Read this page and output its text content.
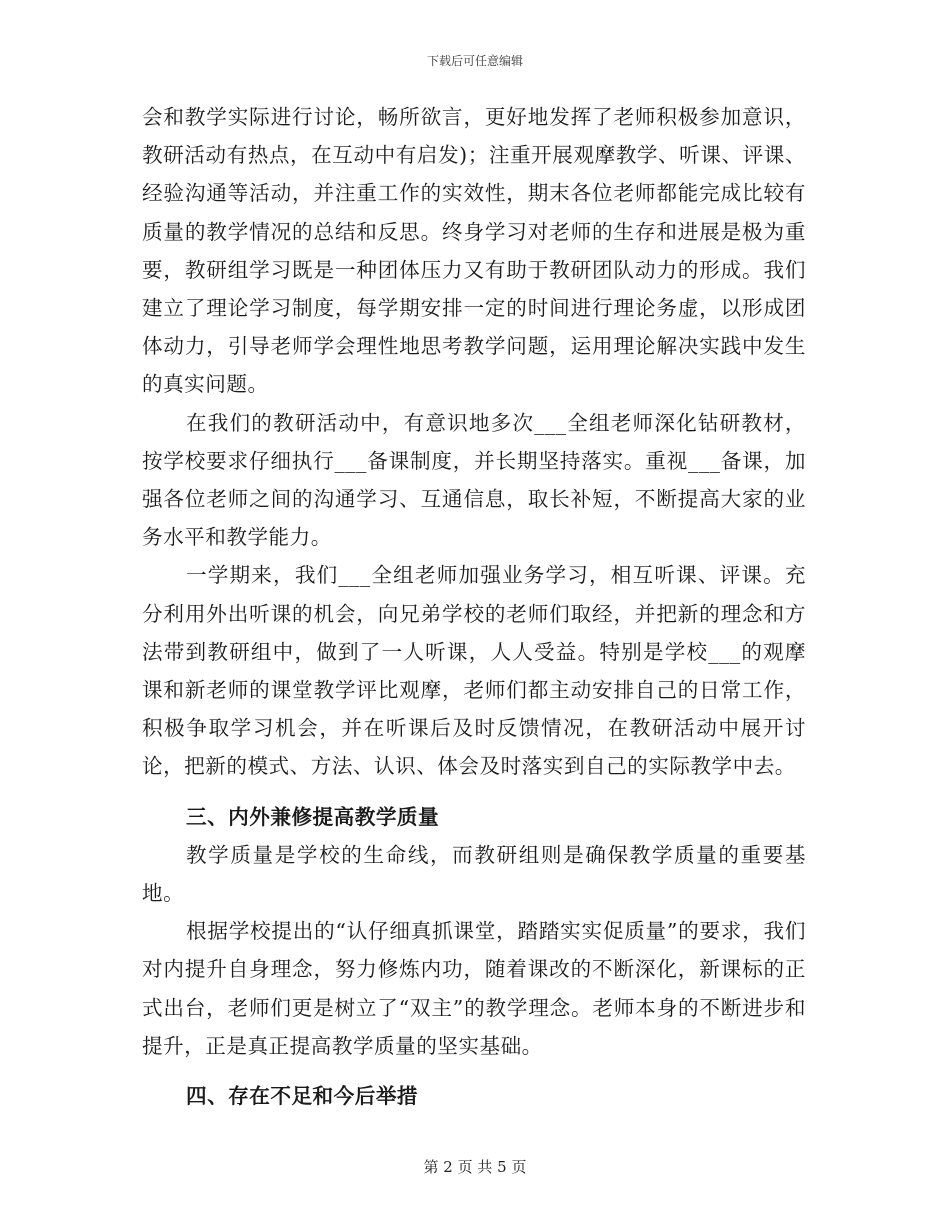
下载后可任意编辑

会和教学实际进行讨论，畅所欲言，更好地发挥了老师积极参加意识，教研活动有热点，在互动中有启发)；注重开展观摩教学、听课、评课、经验沟通等活动，并注重工作的实效性，期末各位老师都能完成比较有质量的教学情况的总结和反思。终身学习对老师的生存和进展是极为重要，教研组学习既是一种团体压力又有助于教研团队动力的形成。我们建立了理论学习制度，每学期安排一定的时间进行理论务虚，以形成团体动力，引导老师学会理性地思考教学问题，运用理论解决实践中发生的真实问题。

在我们的教研活动中，有意识地多次___全组老师深化钻研教材，按学校要求仔细执行___备课制度，并长期坚持落实。重视___备课，加强各位老师之间的沟通学习、互通信息，取长补短，不断提高大家的业务水平和教学能力。

一学期来，我们___全组老师加强业务学习，相互听课、评课。充分利用外出听课的机会，向兄弟学校的老师们取经，并把新的理念和方法带到教研组中，做到了一人听课，人人受益。特别是学校___的观摩课和新老师的课堂教学评比观摩，老师们都主动安排自己的日常工作，积极争取学习机会，并在听课后及时反馈情况，在教研活动中展开讨论，把新的模式、方法、认识、体会及时落实到自己的实际教学中去。

三、内外兼修提高教学质量

教学质量是学校的生命线，而教研组则是确保教学质量的重要基地。

根据学校提出的“认仔细真抓课堂，踏踏实实促质量”的要求，我们对内提升自身理念，努力修炼内功，随着课改的不断深化，新课标的正式出台，老师们更是树立了“双主”的教学理念。老师本身的不断进步和提升，正是真正提高教学质量的坚实基础。

四、存在不足和今后举措
第 2 页 共 5 页
